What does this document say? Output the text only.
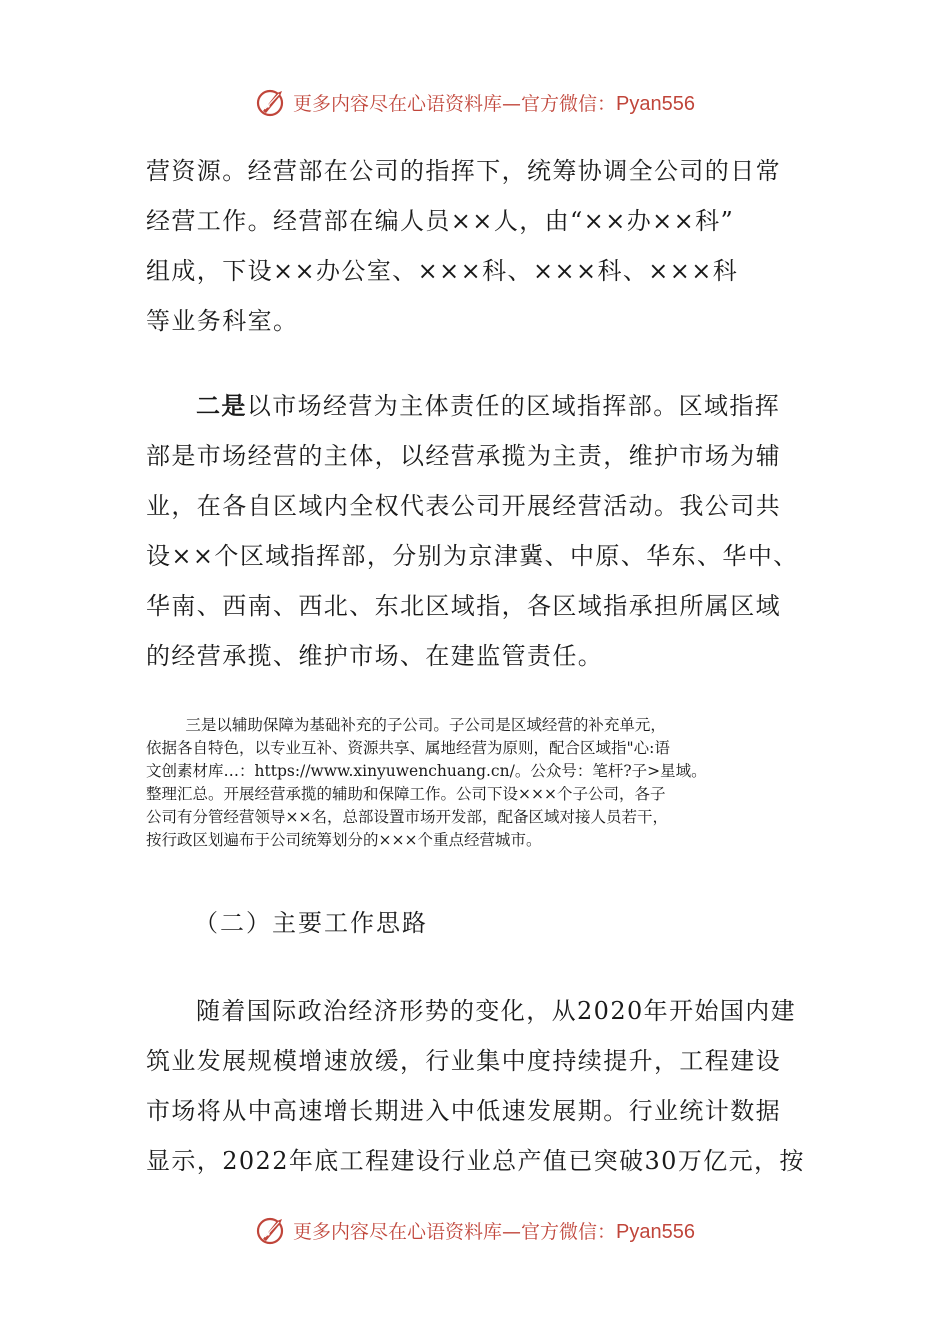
更多内容尽在心语资料库—官方微信：Pyan556

营资源。经营部在公司的指挥下，统筹协调全公司的日常
经营工作。经营部在编人员××人，由“××办××科”
组成，下设××办公室、×××科、×××科、×××科
等业务科室。

二是以市场经营为主体责任的区域指挥部。区域指挥
部是市场经营的主体，以经营承揽为主责，维护市场为辅
业，在各自区域内全权代表公司开展经营活动。我公司共
设××个区域指挥部，分别为京津冀、中原、华东、华中、
华南、西南、西北、东北区域指，各区域指承担所属区域
的经营承揽、维护市场、在建监管责任。

三是以辅助保障为基础补充的子公司。子公司是区域经营的补充单元，
依据各自特色，以专业互补、资源共享、属地经营为原则，配合区域指"心:语
文创素材库…：https://www.xinyuwenchuang.cn/。公众号：笔杆?子>星域。
整理汇总。开展经营承揽的辅助和保障工作。公司下设×××个子公司，各子
公司有分管经营领导××名，总部设置市场开发部，配备区域对接人员若干，
按行政区划遍布于公司统筹划分的×××个重点经营城市。

（二）主要工作思路

随着国际政治经济形势的变化，从2020年开始国内建
筑业发展规模增速放缓，行业集中度持续提升，工程建设
市场将从中高速增长期进入中低速发展期。行业统计数据
显示，2022年底工程建设行业总产值已突破30万亿元，按

更多内容尽在心语资料库—官方微信：Pyan556
